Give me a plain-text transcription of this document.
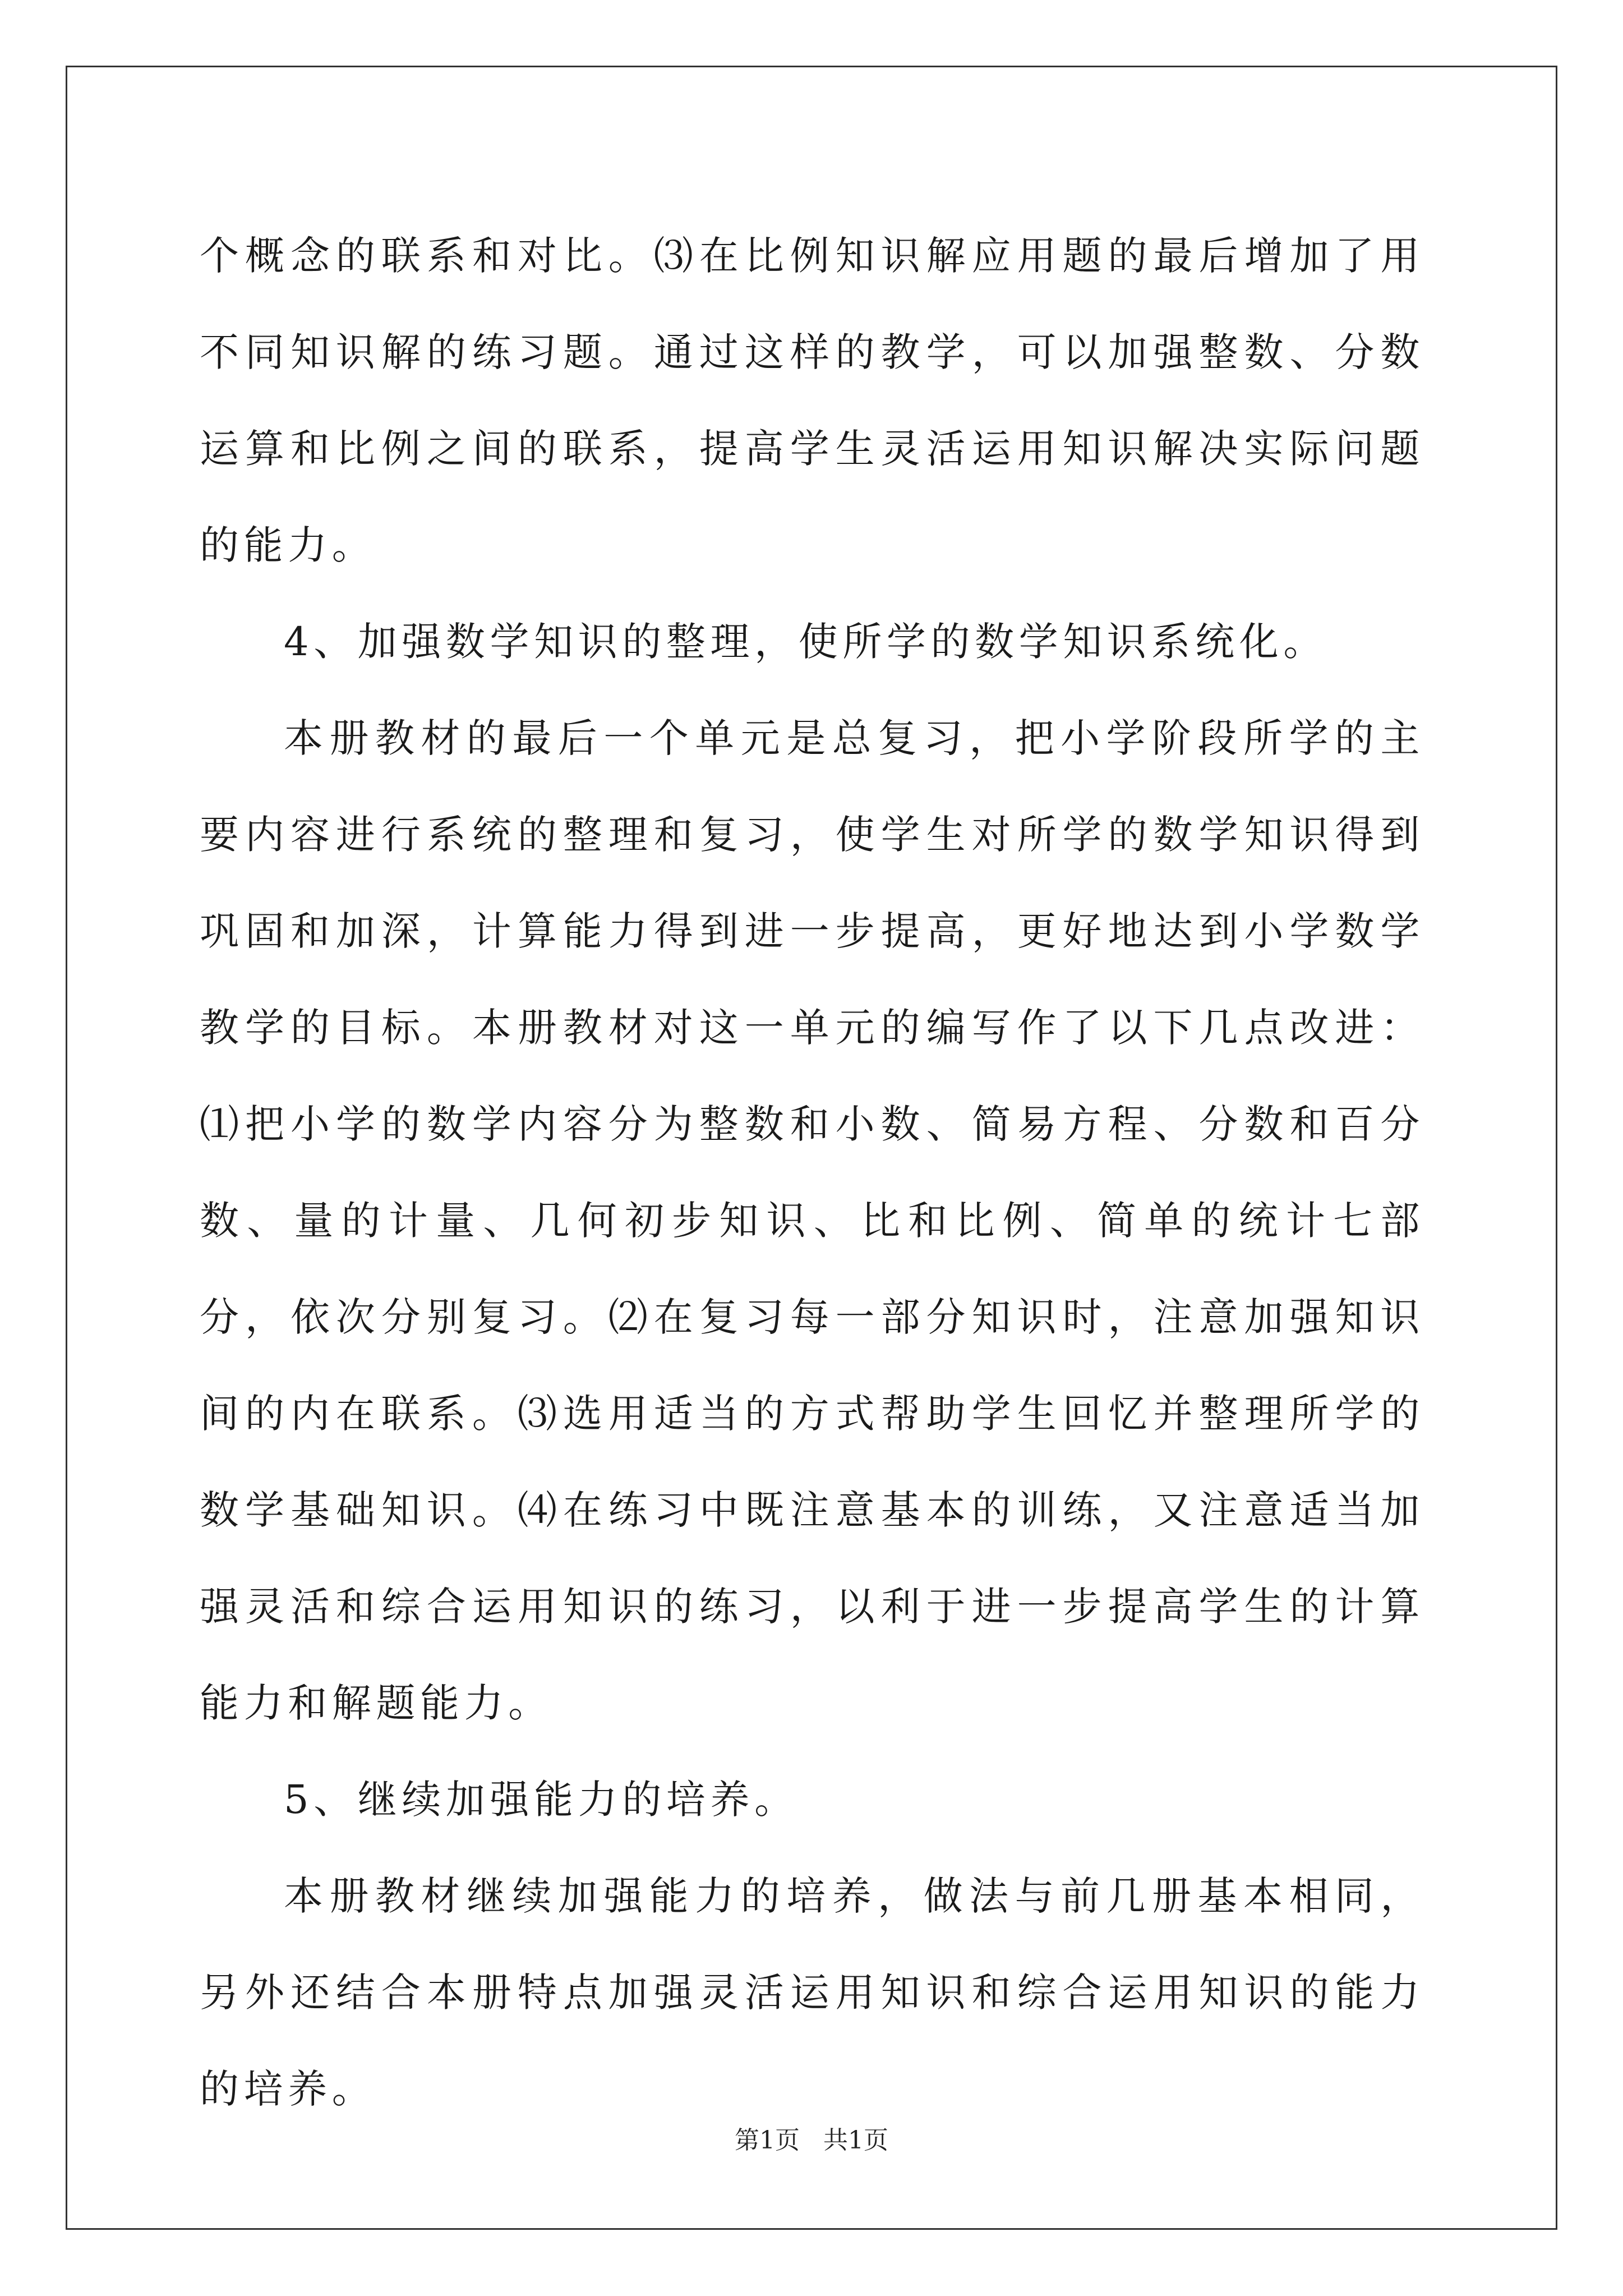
个概念的联系和对比。⑶在比例知识解应用题的最后增加了用不同知识解的练习题。通过这样的教学，可以加强整数、分数运算和比例之间的联系，提高学生灵活运用知识解决实际问题的能力。

4、加强数学知识的整理，使所学的数学知识系统化。

本册教材的最后一个单元是总复习，把小学阶段所学的主要内容进行系统的整理和复习，使学生对所学的数学知识得到巩固和加深，计算能力得到进一步提高，更好地达到小学数学教学的目标。本册教材对这一单元的编写作了以下几点改进：⑴把小学的数学内容分为整数和小数、简易方程、分数和百分数、量的计量、几何初步知识、比和比例、简单的统计七部分，依次分别复习。⑵在复习每一部分知识时，注意加强知识间的内在联系。⑶选用适当的方式帮助学生回忆并整理所学的数学基础知识。⑷在练习中既注意基本的训练，又注意适当加强灵活和综合运用知识的练习，以利于进一步提高学生的计算能力和解题能力。

5、继续加强能力的培养。

本册教材继续加强能力的培养，做法与前几册基本相同，另外还结合本册特点加强灵活运用知识和综合运用知识的能力的培养。

第1页   共1页
